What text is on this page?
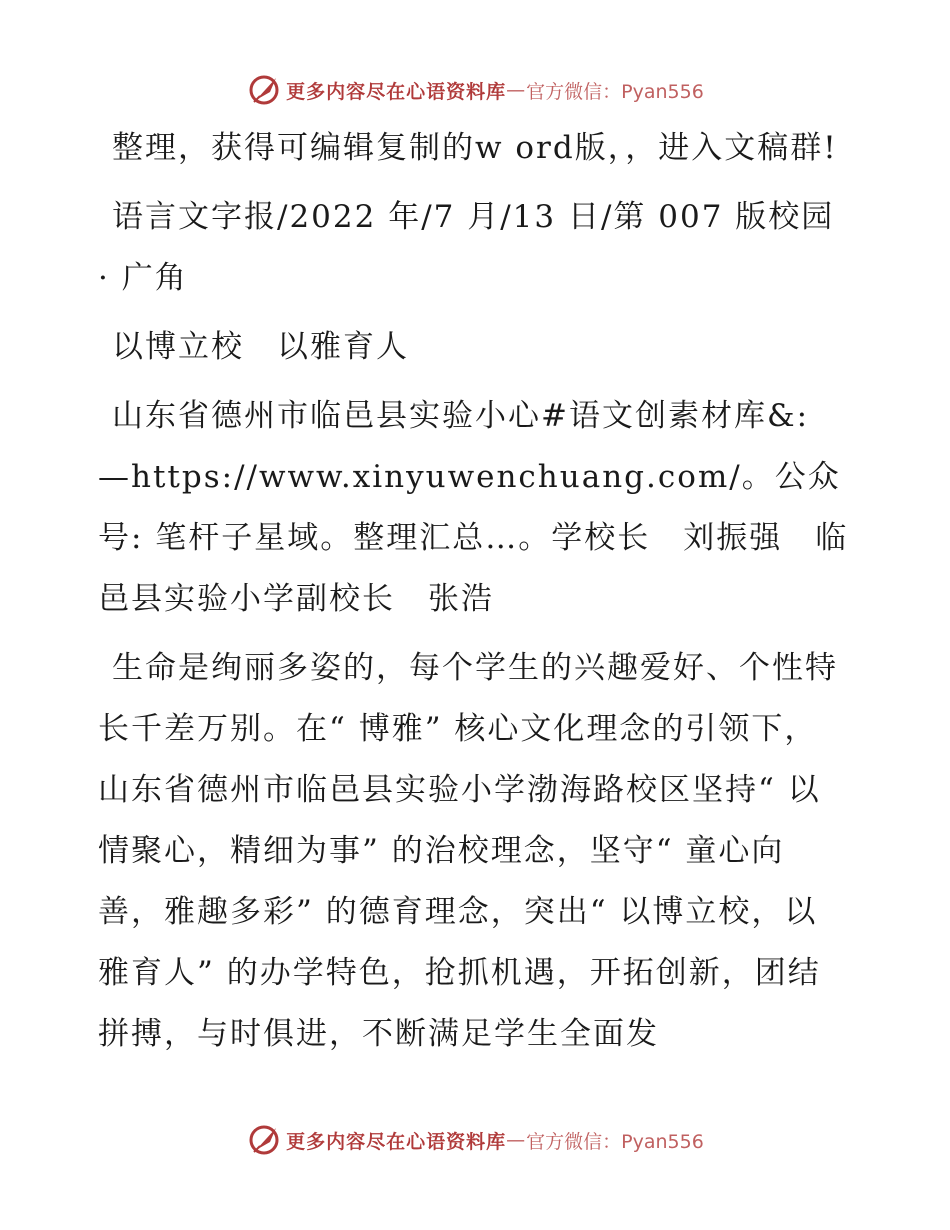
更多内容尽在心语资料库 — 官方微信：Pyan556

整理，获得可编辑复制的w ord版，，进入文稿群!

语言文字报/2022 年/7 月/13 日/第 007 版校园 · 广角

以博立校　以雅育人

山东省德州市临邑县实验小心#语文创素材库&: —https://www.xinyuwenchuang.com/。公众号: 笔杆子星域。整理汇总…。学校长　刘振强　临邑县实验小学副校长　张浩

生命是绚丽多姿的，每个学生的兴趣爱好、个性特长千差万别。在“ 博雅” 核心文化理念的引领下，山东省德州市临邑县实验小学渤海路校区坚持“ 以情聚心，精细为事” 的治校理念，坚守“ 童心向善，雅趣多彩” 的德育理念，突出“ 以博立校，以雅育人” 的办学特色，抢抓机遇，开拓创新，团结拼搏，与时俱进，不断满足学生全面发

更多内容尽在心语资料库 — 官方微信：Pyan556
